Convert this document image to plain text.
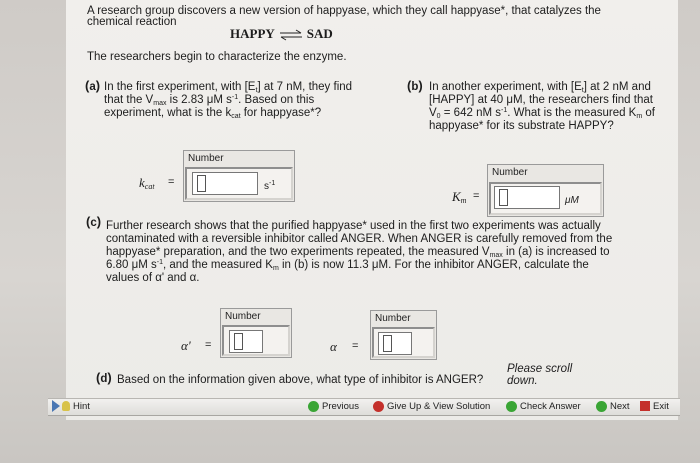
A research group discovers a new version of happyase, which they call happyase*, that catalyzes the
chemical reaction
HAPPY ⇌ SAD
The researchers begin to characterize the enzyme.
(a) In the first experiment, with $[E_t]$ at 7 nM, they find
that the $V_{max}$ is 2.83 μM $s^{-1}$. Based on this
experiment, what is the $k_{cat}$ for happyase*?
Number
$k_{cat}$ =	$s^{-1}$
(b) In another experiment, with $[E_t]$ at 2 nM and
[HAPPY] at 40 μM, the researchers find that
$V_0 = 642$ nM $s^{-1}$. What is the measured $K_m$ of
happyase* for its substrate HAPPY?
Number
$K_m$ =	μM
(c) Further research shows that the purified happyase* used in the first two experiments was actually
contaminated with a reversible inhibitor called ANGER. When ANGER is carefully removed from the
happyase* preparation, and the two experiments repeated, the measured $V_{max}$ in (a) is increased to
6.80 μM $s^{-1}$, and the measured $K_m$ in (b) is now 11.3 μM. For the inhibitor ANGER, calculate the
values of α' and α.
Number
α' =
Number
α =
(d) Based on the information given above, what type of inhibitor is ANGER?
Please scroll
down.
Hint	Previous	Give Up & View Solution	Check Answer	Next Exit
